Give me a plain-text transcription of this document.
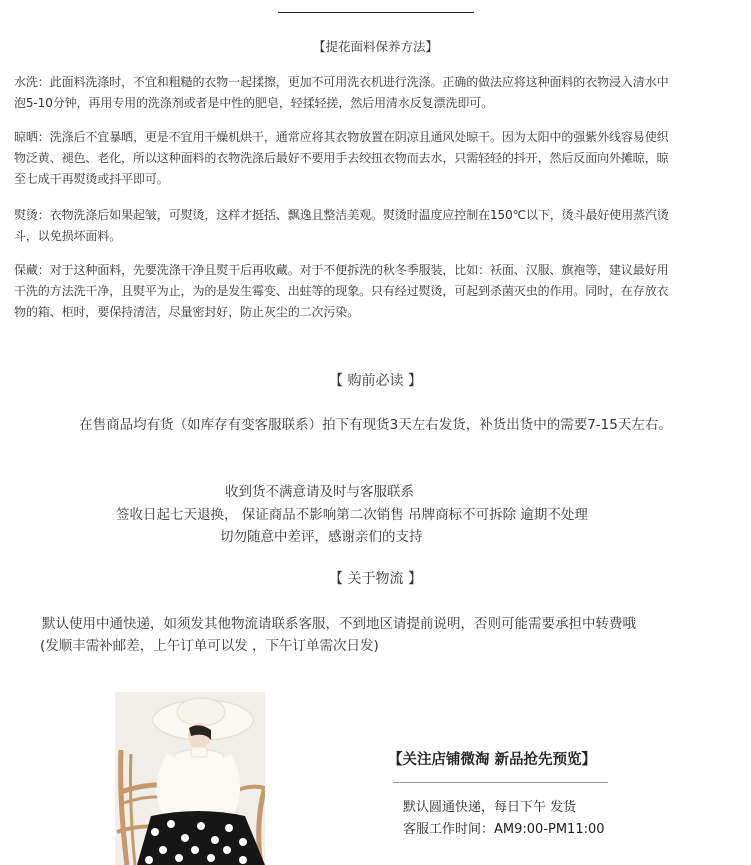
【提花面料保养方法】
水洗：此面料洗涤时，不宜和粗糙的衣物一起揉擦，更加不可用洗衣机进行洗涤。正确的做法应将这种面料的衣物浸入清水中
泡5-10分钟，再用专用的洗涤剂或者是中性的肥皂，轻揉轻搓，然后用清水反复漂洗即可。
晾晒：洗涤后不宜暴晒，更是不宜用干燥机烘干，通常应将其衣物放置在阴凉且通风处晾干。因为太阳中的强紫外线容易使织
物泛黄、褪色、老化，所以这种面料的衣物洗涤后最好不要用手去绞扭衣物而去水，只需轻轻的抖开，然后反面向外摊晾，晾
至七成干再熨烫或抖平即可。
熨烫：衣物洗涤后如果起皱，可熨烫，这样才挺括、飘逸且整洁美观。熨烫时温度应控制在150℃以下，烫斗最好使用蒸汽烫
斗，以免损坏面料。
保藏：对于这种面料，先要洗涤干净且熨干后再收藏。对于不便拆洗的秋冬季服装，比如：袄面、汉服、旗袍等，建议最好用
干洗的方法洗干净，且熨平为止，为的是发生霉变、出蛀等的现象。只有经过熨烫，可起到杀菌灭虫的作用。同时，在存放衣
物的箱、柜时，要保持清洁，尽量密封好，防止灰尘的二次污染。
【 购前必读 】
在售商品均有货（如库存有变客服联系）拍下有现货3天左右发货，补货出货中的需要7-15天左右。
收到货不满意请及时与客服联系
签收日起七天退换， 保证商品不影响第二次销售 吊牌商标不可拆除 逾期不处理
切勿随意中差评，感谢亲们的支持
【 关于物流 】
默认使用中通快递，如须发其他物流请联系客服，不到地区请提前说明，否则可能需要承担中转费哦
(发顺丰需补邮差，上午订单可以发 ，下午订单需次日发)
【关注店铺微淘 新品抢先预览】
默认圆通快递，每日下午 发货
客服工作时间：AM9:00-PM11:00
